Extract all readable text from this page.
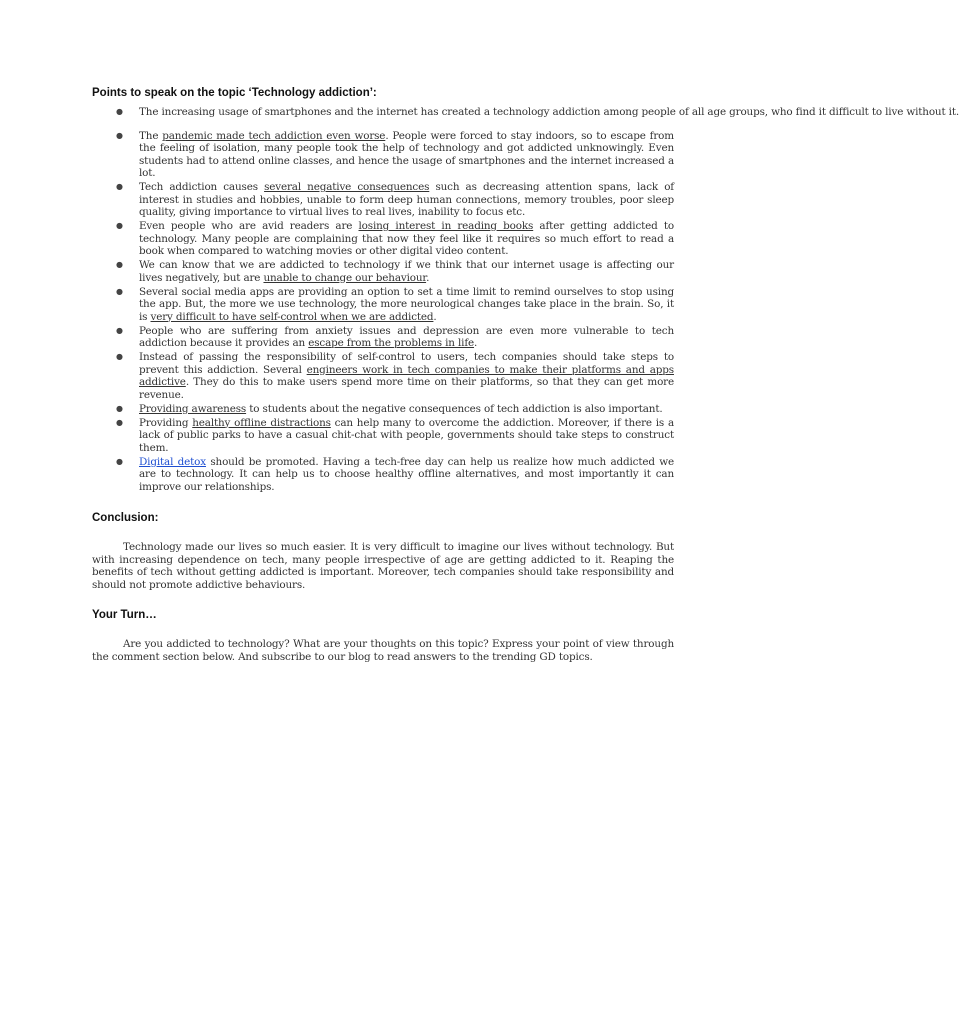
Points to speak on the topic ‘Technology addiction’:
● The increasing usage of smartphones and the internet has created a technology addiction among people of all age groups, who find it difficult to live without it.
● The pandemic made tech addiction even worse. People were forced to stay indoors, so to escape from the feeling of isolation, many people took the help of technology and got addicted unknowingly. Even students had to attend online classes, and hence the usage of smartphones and the internet increased a lot.
● Tech addiction causes several negative consequences such as decreasing attention spans, lack of interest in studies and hobbies, unable to form deep human connections, memory troubles, poor sleep quality, giving importance to virtual lives to real lives, inability to focus etc.
● Even people who are avid readers are losing interest in reading books after getting addicted to technology. Many people are complaining that now they feel like it requires so much effort to read a book when compared to watching movies or other digital video content.
● We can know that we are addicted to technology if we think that our internet usage is affecting our lives negatively, but are unable to change our behaviour.
● Several social media apps are providing an option to set a time limit to remind ourselves to stop using the app. But, the more we use technology, the more neurological changes take place in the brain. So, it is very difficult to have self-control when we are addicted.
● People who are suffering from anxiety issues and depression are even more vulnerable to tech addiction because it provides an escape from the problems in life.
● Instead of passing the responsibility of self-control to users, tech companies should take steps to prevent this addiction. Several engineers work in tech companies to make their platforms and apps addictive. They do this to make users spend more time on their platforms, so that they can get more revenue.
● Providing awareness to students about the negative consequences of tech addiction is also important.
● Providing healthy offline distractions can help many to overcome the addiction. Moreover, if there is a lack of public parks to have a casual chit-chat with people, governments should take steps to construct them.
● Digital detox should be promoted. Having a tech-free day can help us realize how much addicted we are to technology. It can help us to choose healthy offline alternatives, and most importantly it can improve our relationships.
Conclusion:

Technology made our lives so much easier. It is very difficult to imagine our lives without technology. But with increasing dependence on tech, many people irrespective of age are getting addicted to it. Reaping the benefits of tech without getting addicted is important. Moreover, tech companies should take responsibility and should not promote addictive behaviours.

Your Turn…

Are you addicted to technology? What are your thoughts on this topic? Express your point of view through the comment section below. And subscribe to our blog to read answers to the trending GD topics.
